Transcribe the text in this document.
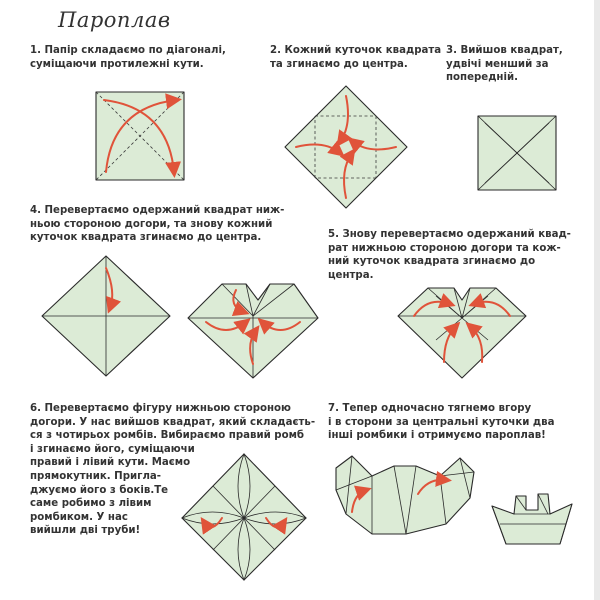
Пароплав
1. Папір складаємо по діагоналі,
суміщаючи протилежні кути.
2. Кожний куточок квадрата
та згинаємо до центра.
3. Вийшов квадрат,
удвічі менший за
попередній.
4. Перевертаємо одержаний квадрат ниж-
ньою стороною догори, та знову кожний
куточок квадрата згинаємо до центра.	5. Знову перевертаємо одержаний квад-
рат нижньою стороною догори та кож-
ний куточок квадрата згинаємо до
центра.
6. Перевертаємо фігуру нижньою стороною
догори. У нас вийшов квадрат, який складаєть-
ся з чотирьох ромбів. Вибираємо правий ромб
і згинаємо його, суміщаючи
правий і лівий кути. Маємо
прямокутник. Пригла-
джуємо його з боків.Те
саме робимо з лівим
ромбиком. У нас
вийшли дві труби!
7. Тепер одночасно тягнемо вгору
і в сторони за центральні куточки два
інші ромбики і отримуємо пароплав!
